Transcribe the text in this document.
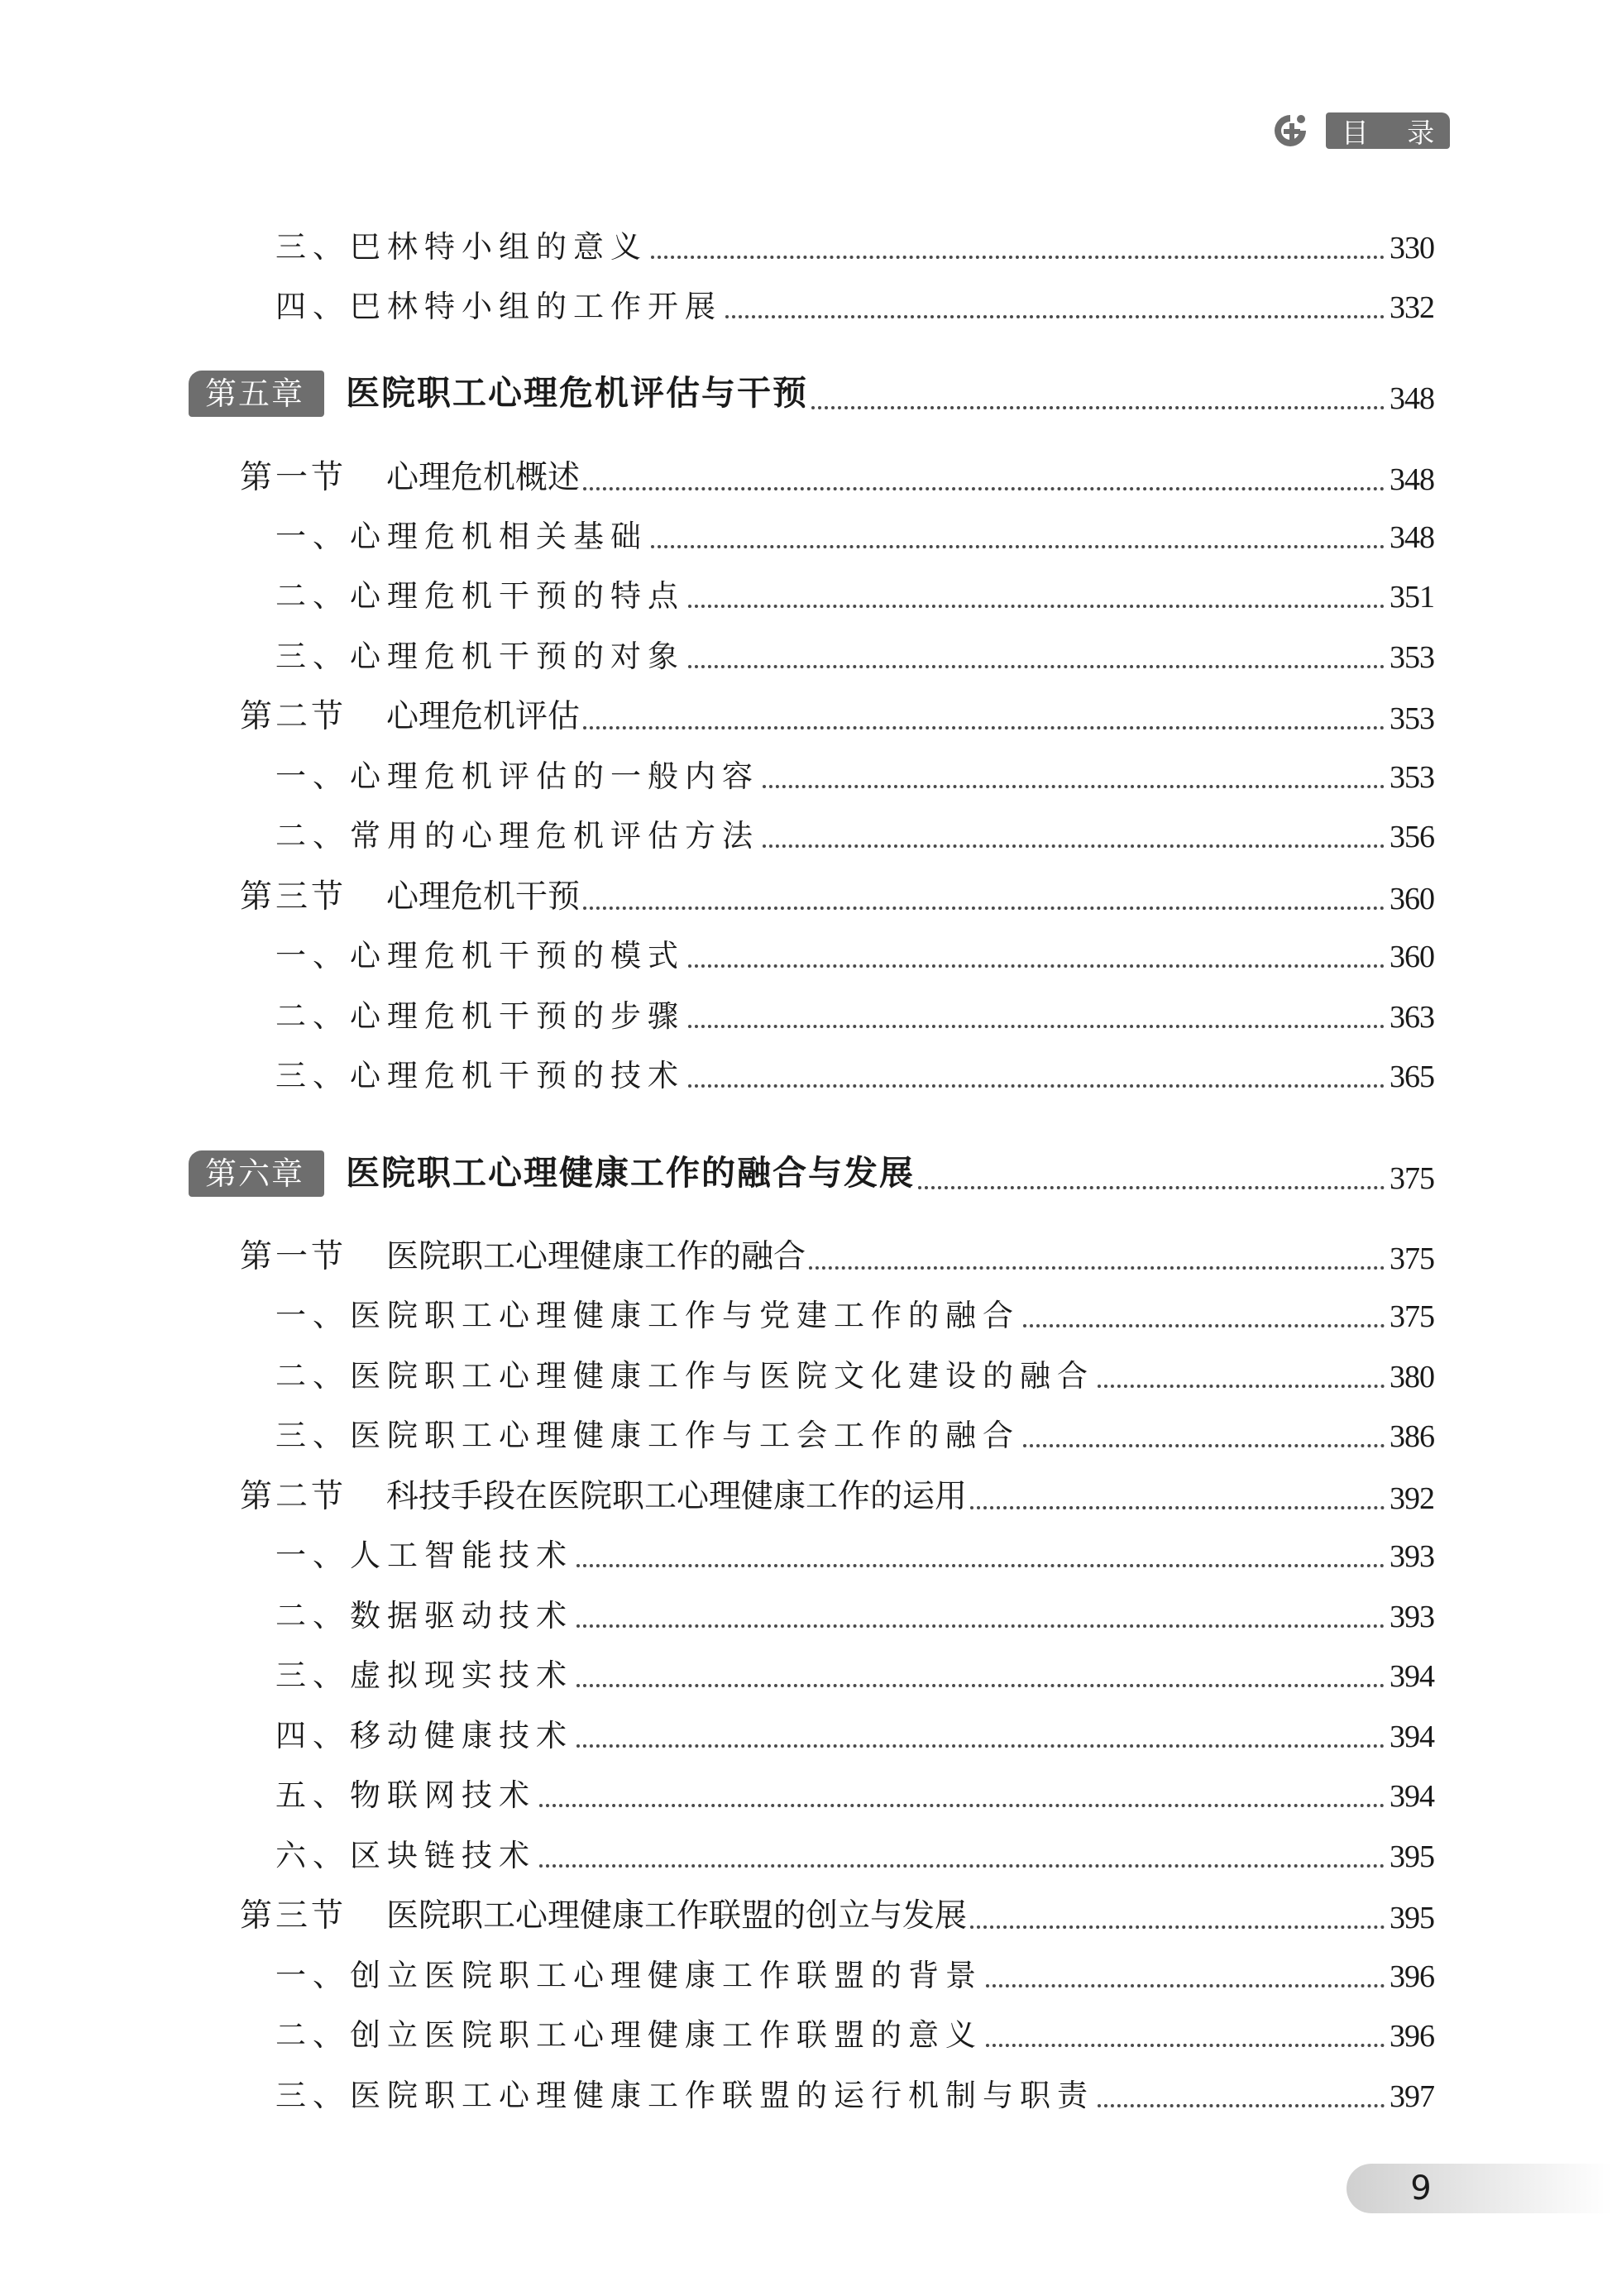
目 录
三、巴林特小组的意义	330
四、巴林特小组的工作开展	332
第五章 医院职工心理危机评估与干预	348
第一节 心理危机概述	348
一、心理危机相关基础	348
二、心理危机干预的特点	351
三、心理危机干预的对象	353
第二节 心理危机评估	353
一、心理危机评估的一般内容	353
二、常用的心理危机评估方法	356
第三节 心理危机干预	360
一、心理危机干预的模式	360
二、心理危机干预的步骤	363
三、心理危机干预的技术	365
第六章 医院职工心理健康工作的融合与发展	375
第一节 医院职工心理健康工作的融合	375
一、医院职工心理健康工作与党建工作的融合	375
二、医院职工心理健康工作与医院文化建设的融合	380
三、医院职工心理健康工作与工会工作的融合	386
第二节 科技手段在医院职工心理健康工作的运用	392
一、人工智能技术	393
二、数据驱动技术	393
三、虚拟现实技术	394
四、移动健康技术	394
五、物联网技术	394
六、区块链技术	395
第三节 医院职工心理健康工作联盟的创立与发展	395
一、创立医院职工心理健康工作联盟的背景	396
二、创立医院职工心理健康工作联盟的意义	396
三、医院职工心理健康工作联盟的运行机制与职责	397
9
